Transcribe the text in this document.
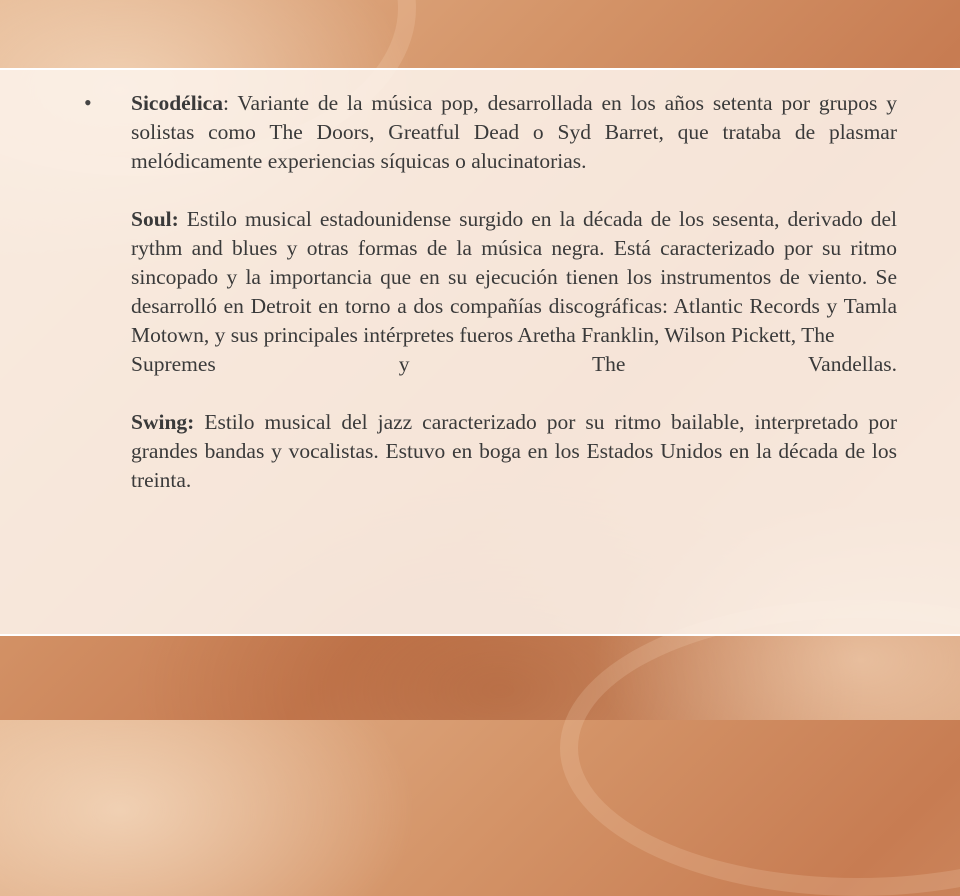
• Sicodélica: Variante de la música pop, desarrollada en los años setenta por grupos y solistas como The Doors, Greatful Dead o Syd Barret, que trataba de plasmar melódicamente experiencias síquicas o alucinatorias.

Soul: Estilo musical estadounidense surgido en la década de los sesenta, derivado del rythm and blues y otras formas de la música negra. Está caracterizado por su ritmo sincopado y la importancia que en su ejecución tienen los instrumentos de viento. Se desarrolló en Detroit en torno a dos compañías discográficas: Atlantic Records y Tamla Motown, y sus principales intérpretes fueros Aretha Franklin, Wilson Pickett, The

Supremes y The Vandellas.

Swing: Estilo musical del jazz caracterizado por su ritmo bailable, interpretado por grandes bandas y vocalistas. Estuvo en boga en los Estados Unidos en la década de los treinta.
